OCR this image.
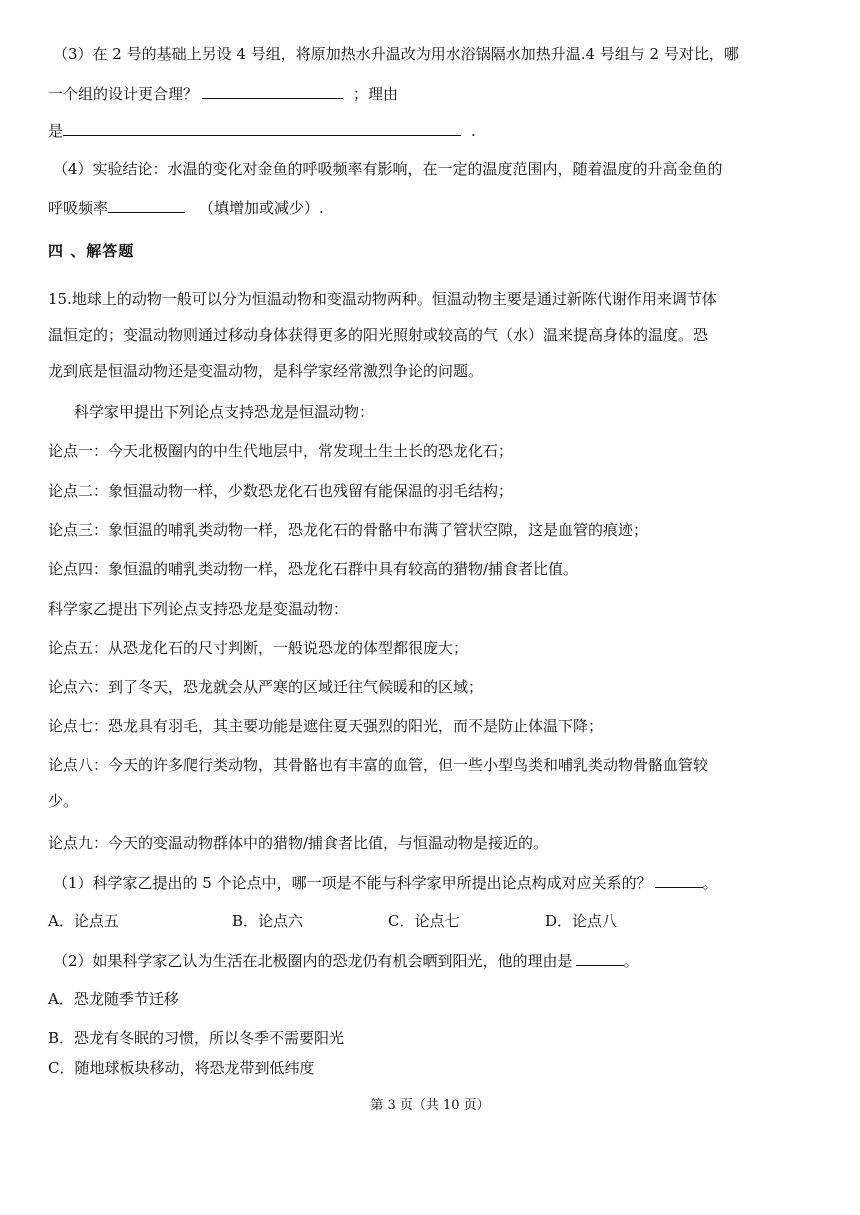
（3）在 2 号的基础上另设 4 号组，将原加热水升温改为用水浴锅隔水加热升温.4 号组与 2 号对比，哪
一个组的设计更合理？	；理由
是	.
（4）实验结论：水温的变化对金鱼的呼吸频率有影响，在一定的温度范围内，随着温度的升高金鱼的
呼吸频率	（填增加或减少）.
四 、解答题
15.地球上的动物一般可以分为恒温动物和变温动物两种。恒温动物主要是通过新陈代谢作用来调节体
温恒定的；变温动物则通过移动身体获得更多的阳光照射或较高的气（水）温来提高身体的温度。恐
龙到底是恒温动物还是变温动物，是科学家经常激烈争论的问题。
科学家甲提出下列论点支持恐龙是恒温动物：
论点一：今天北极圈内的中生代地层中，常发现土生土长的恐龙化石；
论点二：象恒温动物一样，少数恐龙化石也残留有能保温的羽毛结构；
论点三：象恒温的哺乳类动物一样，恐龙化石的骨骼中布满了管状空隙，这是血管的痕迹；
论点四：象恒温的哺乳类动物一样，恐龙化石群中具有较高的猎物/捕食者比值。
科学家乙提出下列论点支持恐龙是变温动物：
论点五：从恐龙化石的尺寸判断，一般说恐龙的体型都很庞大；
论点六：到了冬天，恐龙就会从严寒的区域迁往气候暖和的区域；
论点七：恐龙具有羽毛，其主要功能是遮住夏天强烈的阳光，而不是防止体温下降；
论点八：今天的许多爬行类动物，其骨骼也有丰富的血管，但一些小型鸟类和哺乳类动物骨骼血管较
少。
论点九：今天的变温动物群体中的猎物/捕食者比值，与恒温动物是接近的。
（1）科学家乙提出的 5 个论点中，哪一项是不能与科学家甲所提出论点构成对应关系的？	。
A．论点五	B．论点六	C．论点七	D．论点八
（2）如果科学家乙认为生活在北极圈内的恐龙仍有机会晒到阳光，他的理由是	。
A．恐龙随季节迁移
B．恐龙有冬眠的习惯，所以冬季不需要阳光
C．随地球板块移动，将恐龙带到低纬度
第 3 页（共 10 页）
